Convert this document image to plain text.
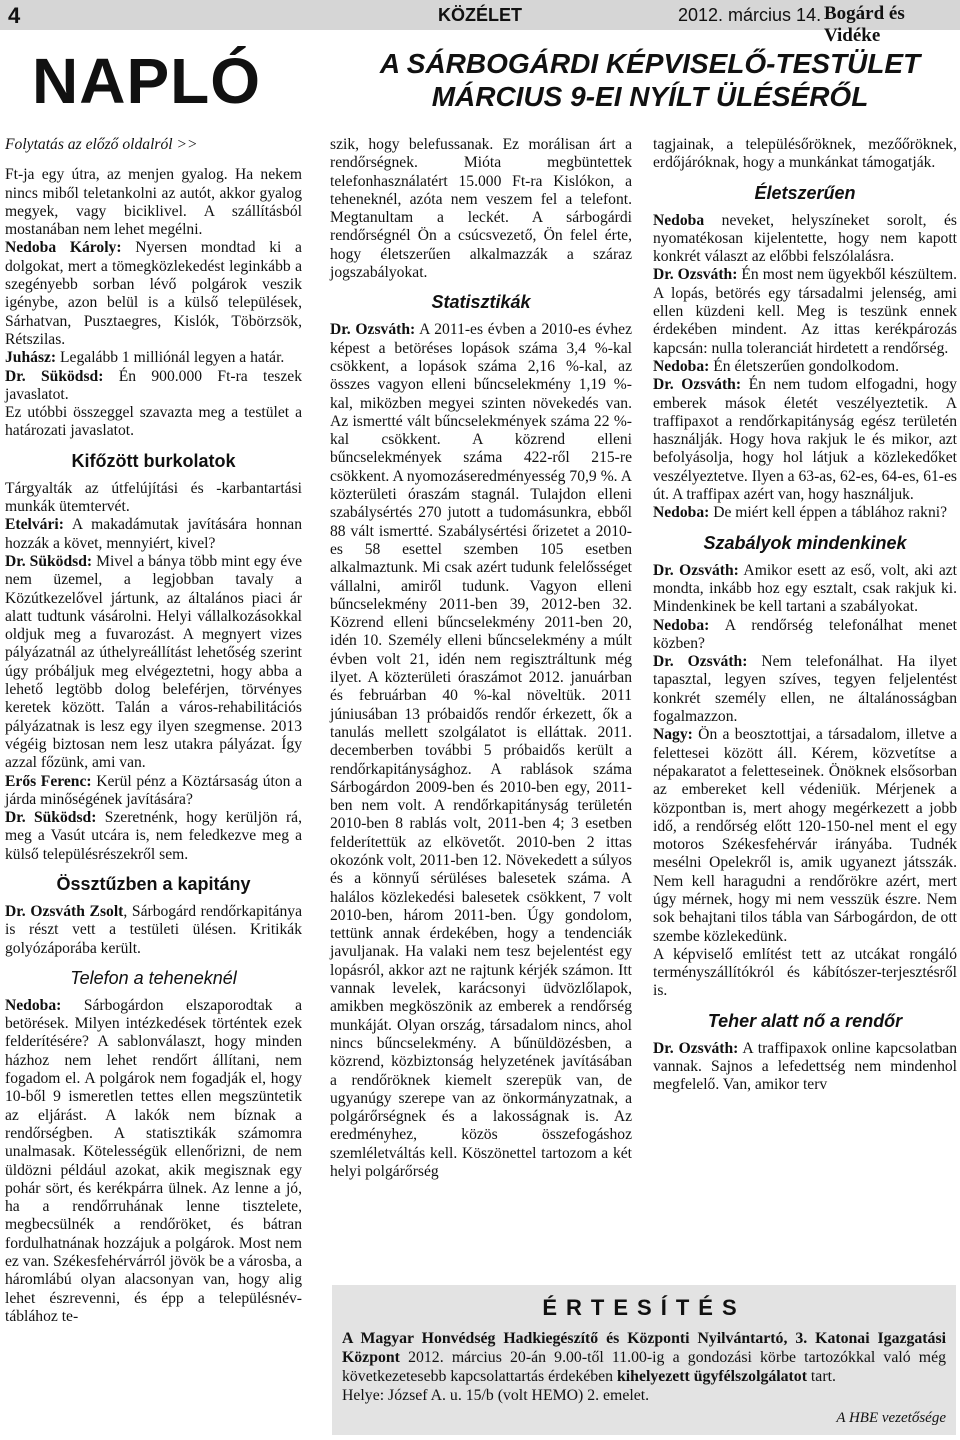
4	KÖZÉLET	2012. március 14. Bogárd és Vidéke
NAPLÓ	A SÁRBOGÁRDI KÉPVISELŐ-TESTÜLET
MÁRCIUS 9-EI NYÍLT ÜLÉSÉRŐL

Folytatás az előző oldalról >>

Ft-ja egy útra, az menjen gyalog. Ha nekem nincs miből teletankolni az autót, akkor gyalog megyek, vagy biciklivel. A szállításból mostanában nem lehet megélni.

Nedoba Károly: Nyersen mondtad ki a dolgokat, mert a tömegközlekedést leginkább a szegényebb sorban lévő polgárok veszik igénybe, azon belül is a külső települések, Sárhatvan, Pusztaegres, Kislók, Töbörzsök, Rétszilas.

Juhász: Legalább 1 milliónál legyen a határ.

Dr. Süködsd: Én 900.000 Ft-ra teszek javaslatot.

Ez utóbbi összeggel szavazta meg a testület a határozati javaslatot.

Kifőzött burkolatok

Tárgyalták az útfelújítási és -karbantartási munkák ütemtervét.

Etelvári: A makadámutak javítására honnan hozzák a követ, mennyiért, kivel?

Dr. Süködsd: Mivel a bánya több mint egy éve nem üzemel, a legjobban tavaly a Közútkezelővel jártunk, az általános piaci ár alatt tudtunk vásárolni. Helyi vállalkozásokkal oldjuk meg a fuvarozást. A megnyert vizes pályázatnál az úthelyreállítást lehetőség szerint úgy próbáljuk meg elvégeztetni, hogy abba a lehető legtöbb dolog beleférjen, törvényes keretek között. Talán a város-rehabilitációs pályázatnak is lesz egy ilyen szegmense. 2013 végéig biztosan nem lesz utakra pályázat. Így azzal főzünk, ami van.

Erős Ferenc: Kerül pénz a Köztársaság úton a járda minőségének javítására?

Dr. Süködsd: Szeretnénk, hogy kerüljön rá, meg a Vasút utcára is, nem feledkezve meg a külső településrészekről sem.

Össztűzben a kapitány

Dr. Ozsváth Zsolt, Sárbogárd rendőrkapitánya is részt vett a testületi ülésen. Kritikák golyózáporába került.

Telefon a teheneknél

Nedoba: Sárbogárdon elszaporodtak a betörések. Milyen intézkedések történtek ezek felderítésére? A sablonválaszt, hogy minden házhoz nem lehet rendőrt állítani, nem fogadom el. A polgárok nem fogadják el, hogy 10-ből 9 ismeretlen tettes ellen megszüntetik az eljárást. A lakók nem bíznak a rendőrségben. A statisztikák számomra unalmasak. Kötelességük ellenőrizni, de nem üldözni például azokat, akik megisznak egy pohár sört, és kerékpárra ülnek. Az lenne a jó, ha a rendőrruhának lenne tisztelete, megbecsülnék a rendőröket, és bátran fordulhatnának hozzájuk a polgárok. Most nem ez van. Székesfehérvárról jövök be a városba, a háromlábú olyan alacsonyan van, hogy alig lehet észrevenni, és épp a településnév-táblához te-

szik, hogy belefussanak. Ez morálisan árt a rendőrségnek. Mióta megbüntettek telefonhasználatért 15.000 Ft-ra Kislókon, a teheneknél, azóta nem veszem fel a telefont. Megtanultam a leckét. A sárbogárdi rendőrségnél Ön a csúcsvezető, Ön felel érte, hogy életszerűen alkalmazzák a száraz jogszabályokat.

Statisztikák

Dr. Ozsváth: A 2011-es évben a 2010-es évhez képest a betöréses lopások száma 3,4 %-kal csökkent, a lopások száma 2,16 %-kal, az összes vagyon elleni bűncselekmény 1,19 %-kal, miközben megyei szinten növekedés van. Az ismertté vált bűncselekmények száma 22 %-kal csökkent. A közrend elleni bűncselekmények száma 422-ről 215-re csökkent. A nyomozáseredményesség 70,9 %. A közterületi óraszám stagnál. Tulajdon elleni szabálysértés 270 jutott a tudomásunkra, ebből 88 vált ismertté. Szabálysértési őrizetet a 2010-es 58 esettel szemben 105 esetben alkalmaztunk. Mi csak azért tudunk felelősséget vállalni, amiről tudunk. Vagyon elleni bűncselekmény 2011-ben 39, 2012-ben 32. Közrend elleni bűncselekmény 2011-ben 20, idén 10. Személy elleni bűncselekmény a múlt évben volt 21, idén nem regisztráltunk még ilyet. A közterületi óraszámot 2012. januárban és februárban 40 %-kal növeltük. 2011 júniusában 13 próbaidős rendőr érkezett, ők a tanulás mellett szolgálatot is elláttak. 2011. decemberben további 5 próbaidős került a rendőrkapitánysághoz. A rablások száma Sárbogárdon 2009-ben és 2010-ben egy, 2011-ben nem volt. A rendőrkapitányság területén 2010-ben 8 rablás volt, 2011-ben 4; 3 esetben felderítettük az elkövetőt. 2010-ben 2 ittas okozónk volt, 2011-ben 12. Növekedett a súlyos és a könnyű sérüléses balesetek száma. A halálos közlekedési balesetek csökkent, 7 volt 2010-ben, három 2011-ben. Úgy gondolom, tettünk annak érdekében, hogy a tendenciák javuljanak. Ha valaki nem tesz bejelentést egy lopásról, akkor azt ne rajtunk kérjék számon. Itt vannak levelek, karácsonyi üdvözlőlapok, amikben megköszönik az emberek a rendőrség munkáját. Olyan ország, társadalom nincs, ahol nincs bűncselekmény. A bűnüldözésben, a közrend, közbiztonság helyzetének javításában a rendőröknek kiemelt szerepük van, de ugyanúgy szerepe van az önkormányzatnak, a polgárőrségnek és a lakosságnak is. Az eredményhez, közös összefogáshoz szemléletváltás kell. Köszönettel tartozom a két helyi polgárőrség

tagjainak, a településőröknek, mezőőröknek, erdőjáróknak, hogy a munkánkat támogatják.

Életszerűen

Nedoba neveket, helyszíneket sorolt, és nyomatékosan kijelentette, hogy nem kapott konkrét választ az előbbi felszólalásra.

Dr. Ozsváth: Én most nem ügyekből készültem. A lopás, betörés egy társadalmi jelenség, ami ellen küzdeni kell. Meg is teszünk ennek érdekében mindent. Az ittas kerékpározás kapcsán: nulla toleranciát hirdetett a rendőrség.

Nedoba: Én életszerűen gondolkodom.

Dr. Ozsváth: Én nem tudom elfogadni, hogy emberek mások életét veszélyeztetik. A traffipaxot a rendőrkapitányság egész területén használják. Hogy hova rakjuk le és mikor, azt befolyásolja, hogy hol látjuk a közlekedőket veszélyeztetve. Ilyen a 63-as, 62-es, 64-es, 61-es út. A traffipax azért van, hogy használjuk.

Nedoba: De miért kell éppen a táblához rakni?

Szabályok mindenkinek

Dr. Ozsváth: Amikor esett az eső, volt, aki azt mondta, inkább hoz egy esztalt, csak rakjuk ki. Mindenkinek be kell tartani a szabályokat.

Nedoba: A rendőrség telefonálhat menet közben?

Dr. Ozsváth: Nem telefonálhat. Ha ilyet tapasztal, legyen szíves, tegyen feljelentést konkrét személy ellen, ne általánosságban fogalmazzon.

Nagy: Ön a beosztottjai, a társadalom, illetve a felettesei között áll. Kérem, közvetítse a népakaratot a feletteseinek. Önöknek elsősorban az embereket kell védeniük. Mérjenek a központban is, mert ahogy megérkezett a jobb idő, a rendőrség előtt 120-150-nel ment el egy motoros Székesfehérvár irányába. Tudnék mesélni Opelekről is, amik ugyanezt játsszák. Nem kell haragudni a rendőrökre azért, mert úgy mérnek, hogy mi nem vesszük észre. Nem sok behajtani tilos tábla van Sárbogárdon, de ott szembe közlekedünk.

A képviselő említést tett az utcákat rongáló terményszállítókról és kábítószer-terjesztésről is.

Teher alatt nő a rendőr

Dr. Ozsváth: A traffipaxok online kapcsolatban vannak. Sajnos a lefedettség nem mindenhol megfelelő. Van, amikor terv

ÉRTESÍTÉS

A Magyar Honvédség Hadkiegészítő és Központi Nyilvántartó, 3. Katonai Igazgatási Központ 2012. március 20-án 9.00-től 11.00-ig a gondozási körbe tartozókkal való még következetesebb kapcsolattartás érdekében kihelyezett ügyfélszolgálatot tart.

Helye: József A. u. 15/b (volt HEMO) 2. emelet.

A HBE vezetősége
